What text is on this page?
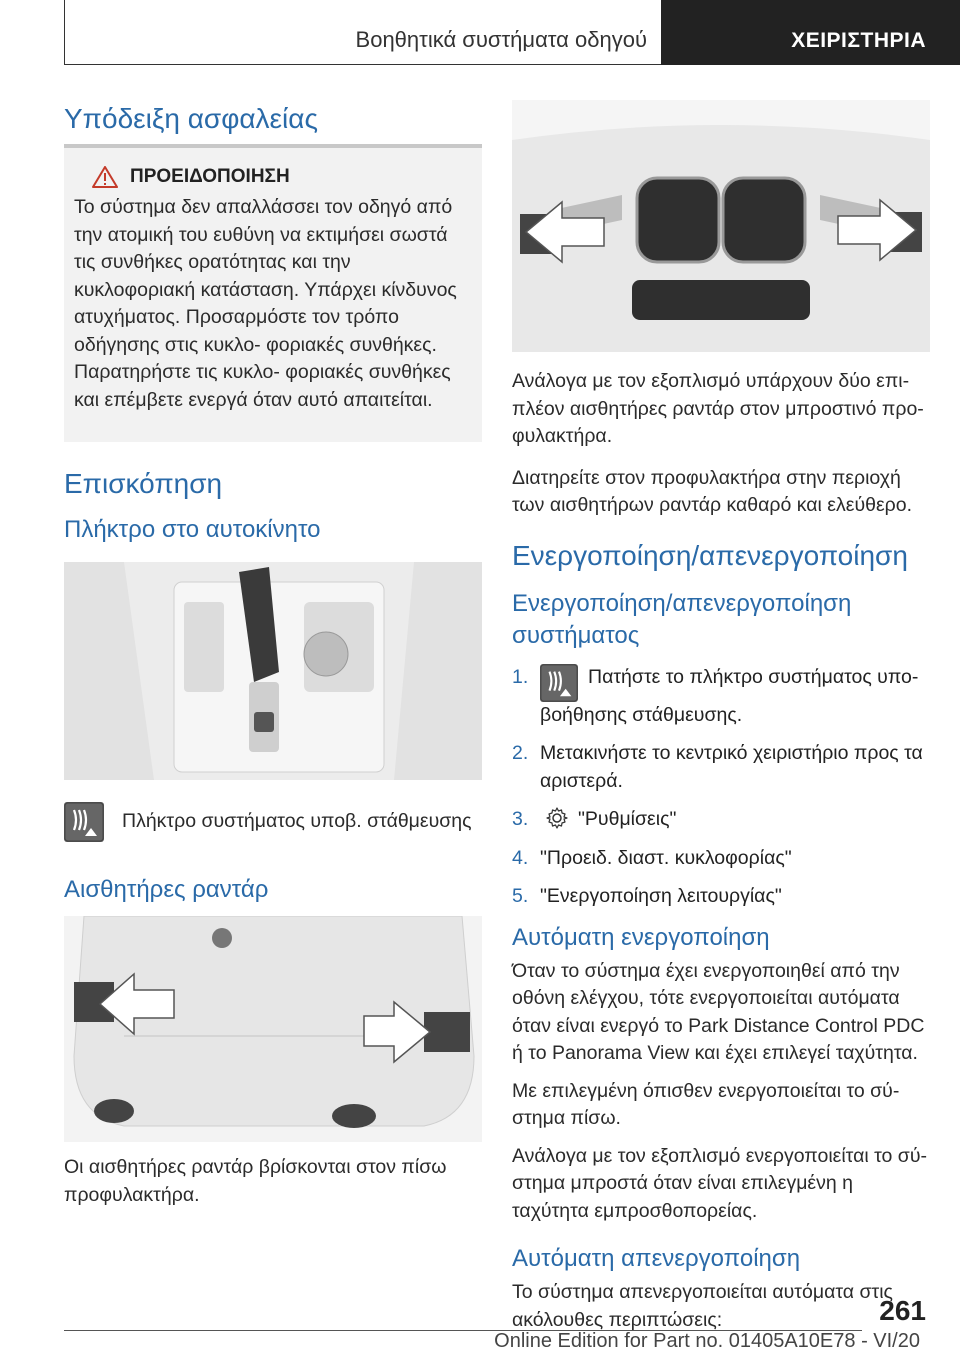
Βοηθητικά συστήματα οδηγού	ΧΕΙΡΙΣΤΗΡΙΑ
Υπόδειξη ασφαλείας
ΠΡΟΕΙΔΟΠΟΙΗΣΗ

Το σύστημα δεν απαλλάσσει τον οδηγό από την ατομική του ευθύνη να εκτιμήσει σωστά τις συνθήκες ορατότητας και την κυκλοφοριακή κατάσταση. Υπάρχει κίνδυνος ατυχήματος. Προσαρμόστε τον τρόπο οδήγησης στις κυκλο- φοριακές συνθήκες. Παρατηρήστε τις κυκλο- φοριακές συνθήκες και επέμβετε ενεργά όταν αυτό απαιτείται.

Επισκόπηση
Πλήκτρο στο αυτοκίνητο
Πλήκτρο συστήματος υποβ. στάθμευσης
Αισθητήρες ραντάρ

Οι αισθητήρες ραντάρ βρίσκονται στον πίσω προφυλακτήρα.

Ανάλογα με τον εξοπλισμό υπάρχουν δύο επι- πλέον αισθητήρες ραντάρ στον μπροστινό προ- φυλακτήρα.

Διατηρείτε στον προφυλακτήρα στην περιοχή των αισθητήρων ραντάρ καθαρό και ελεύθερο.

Ενεργοποίηση/απενεργοποίηση
Ενεργοποίηση/απενεργοποίηση συστήματος
1.	Πατήστε το πλήκτρο συστήματος υπο- βοήθησης στάθμευσης.
2. Μετακινήστε το κεντρικό χειριστήριο προς τα αριστερά.
3.	"Ρυθμίσεις"
4. "Προειδ. διαστ. κυκλοφορίας"
5. "Ενεργοποίηση λειτουργίας"
Αυτόματη ενεργοποίηση

Όταν το σύστημα έχει ενεργοποιηθεί από την οθόνη ελέγχου, τότε ενεργοποιείται αυτόματα όταν είναι ενεργό το Park Distance Control PDC ή το Panorama View και έχει επιλεγεί ταχύτητα.

Με επιλεγμένη όπισθεν ενεργοποιείται το σύ- στημα πίσω.

Ανάλογα με τον εξοπλισμό ενεργοποιείται το σύ- στημα μπροστά όταν είναι επιλεγμένη η ταχύτητα εμπροσθοπορείας.

Αυτόματη απενεργοποίηση

Το σύστημα απενεργοποιείται αυτόματα στις ακόλουθες περιπτώσεις:	261
Online Edition for Part no. 01405A10E78 - VI/20
